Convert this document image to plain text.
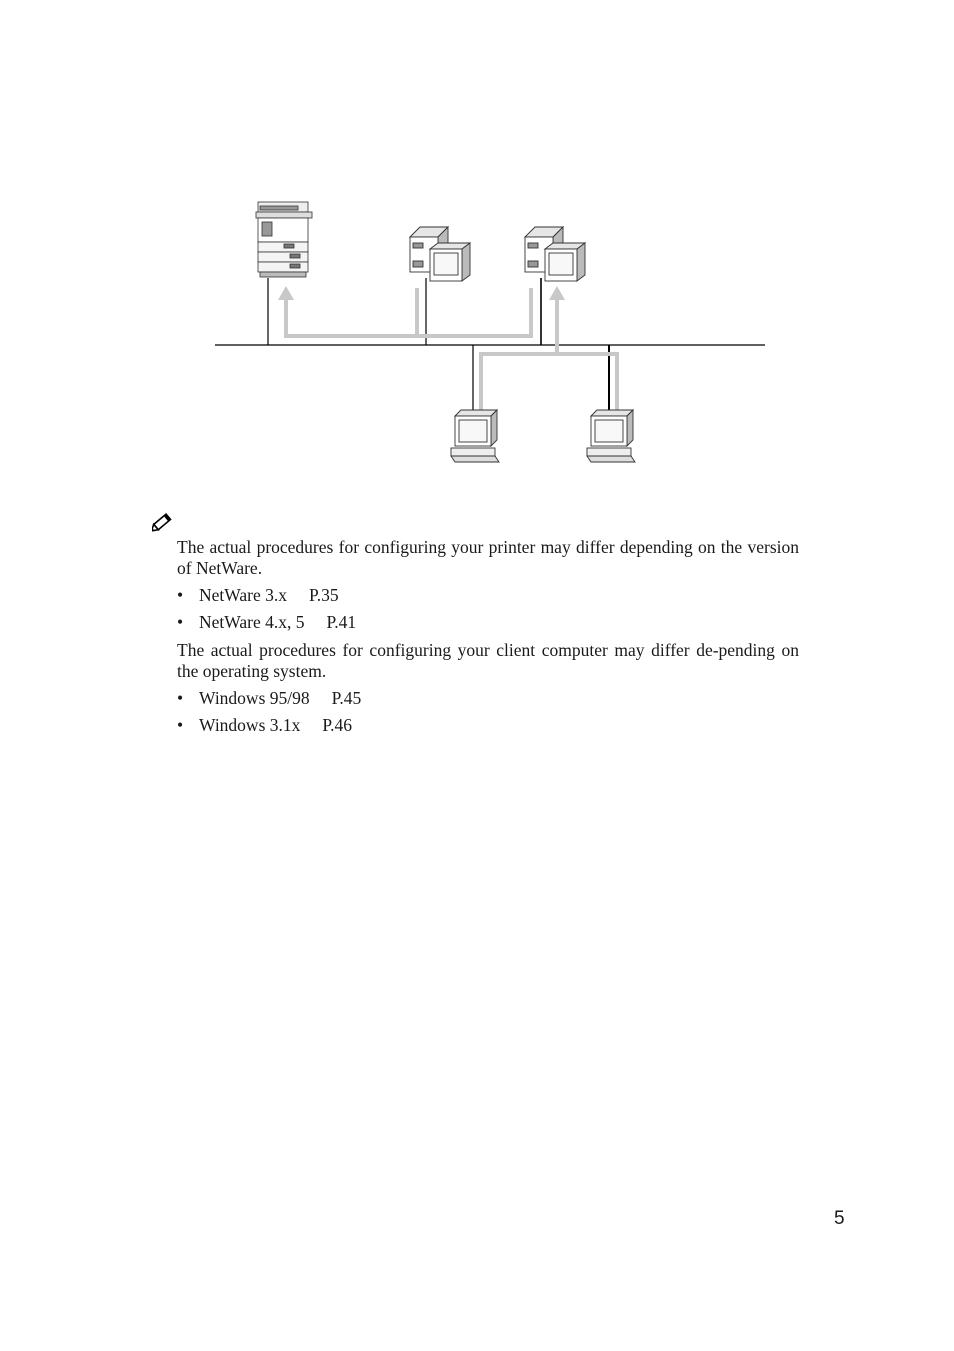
The actual procedures for configuring your printer may differ depending on the version of NetWare.

• NetWare 3.x P.35
• NetWare 4.x, 5 P.41

The actual procedures for configuring your client computer may differ de-pending on the operating system.

• Windows 95/98 P.45
• Windows 3.1x P.46
5
